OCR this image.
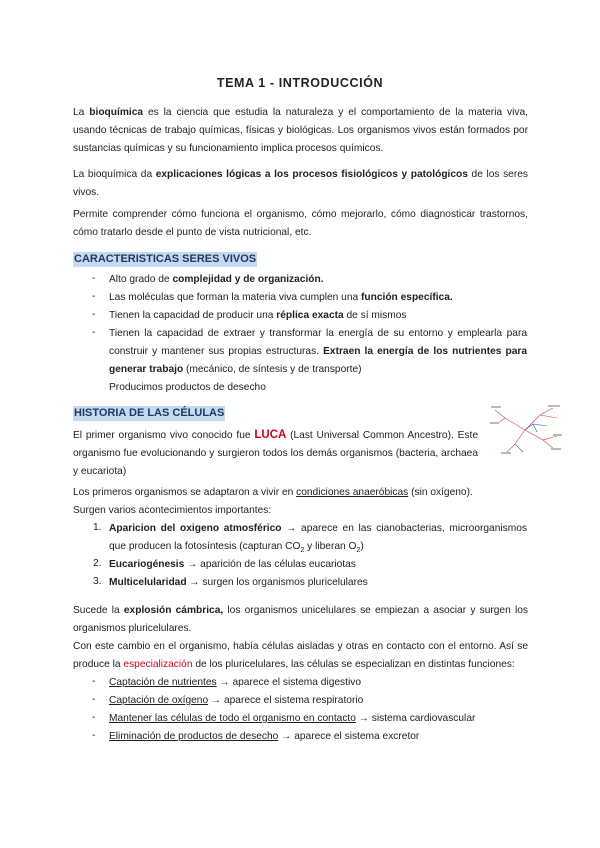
TEMA 1 - INTRODUCCIÓN
La bioquímica es la ciencia que estudia la naturaleza y el comportamiento de la materia viva, usando técnicas de trabajo químicas, físicas y biológicas. Los organismos vivos están formados por sustancias químicas y su funcionamiento implica procesos químicos.
La bioquímica da explicaciones lógicas a los procesos fisiológicos y patológicos de los seres vivos.
Permite comprender cómo funciona el organismo, cómo mejorarlo, cómo diagnosticar trastornos, cómo tratarlo desde el punto de vista nutricional, etc.
CARACTERISTICAS SERES VIVOS
- Alto grado de complejidad y de organización.
- Las moléculas que forman la materia viva cumplen una función específica.
- Tienen la capacidad de producir una réplica exacta de sí mismos
- Tienen la capacidad de extraer y transformar la energía de su entorno y emplearla para construir y mantener sus propias estructuras. Extraen la energía de los nutrientes para generar trabajo (mecánico, de síntesis y de transporte)
Producimos productos de desecho
HISTORIA DE LAS CÉLULAS
El primer organismo vivo conocido fue LUCA (Last Universal Common Ancestro). Este organismo fue evolucionando y surgieron todos los demás organismos (bacteria, archaea y eucariota)
Los primeros organismos se adaptaron a vivir en condiciones anaeróbicas (sin oxígeno).
Surgen varios acontecimientos importantes:
1. Aparicion del oxigeno atmosférico → aparece en las cianobacterias, microorganismos que producen la fotosíntesis (capturan $CO_2$ y liberan $O_2$)
2. Eucariogénesis → aparición de las células eucariotas
3. Multicelularidad → surgen los organismos pluricelulares
Sucede la explosión cámbrica, los organismos unicelulares se empiezan a asociar y surgen los organismos pluricelulares.
Con este cambio en el organismo, había células aisladas y otras en contacto con el entorno. Así se produce la especialización de los pluricelulares, las células se especializan en distintas funciones:
- Captación de nutrientes → aparece el sistema digestivo
- Captación de oxígeno → aparece el sistema respiratorio
- Mantener las células de todo el organismo en contacto → sistema cardiovascular
- Eliminación de productos de desecho → aparece el sistema excretor
